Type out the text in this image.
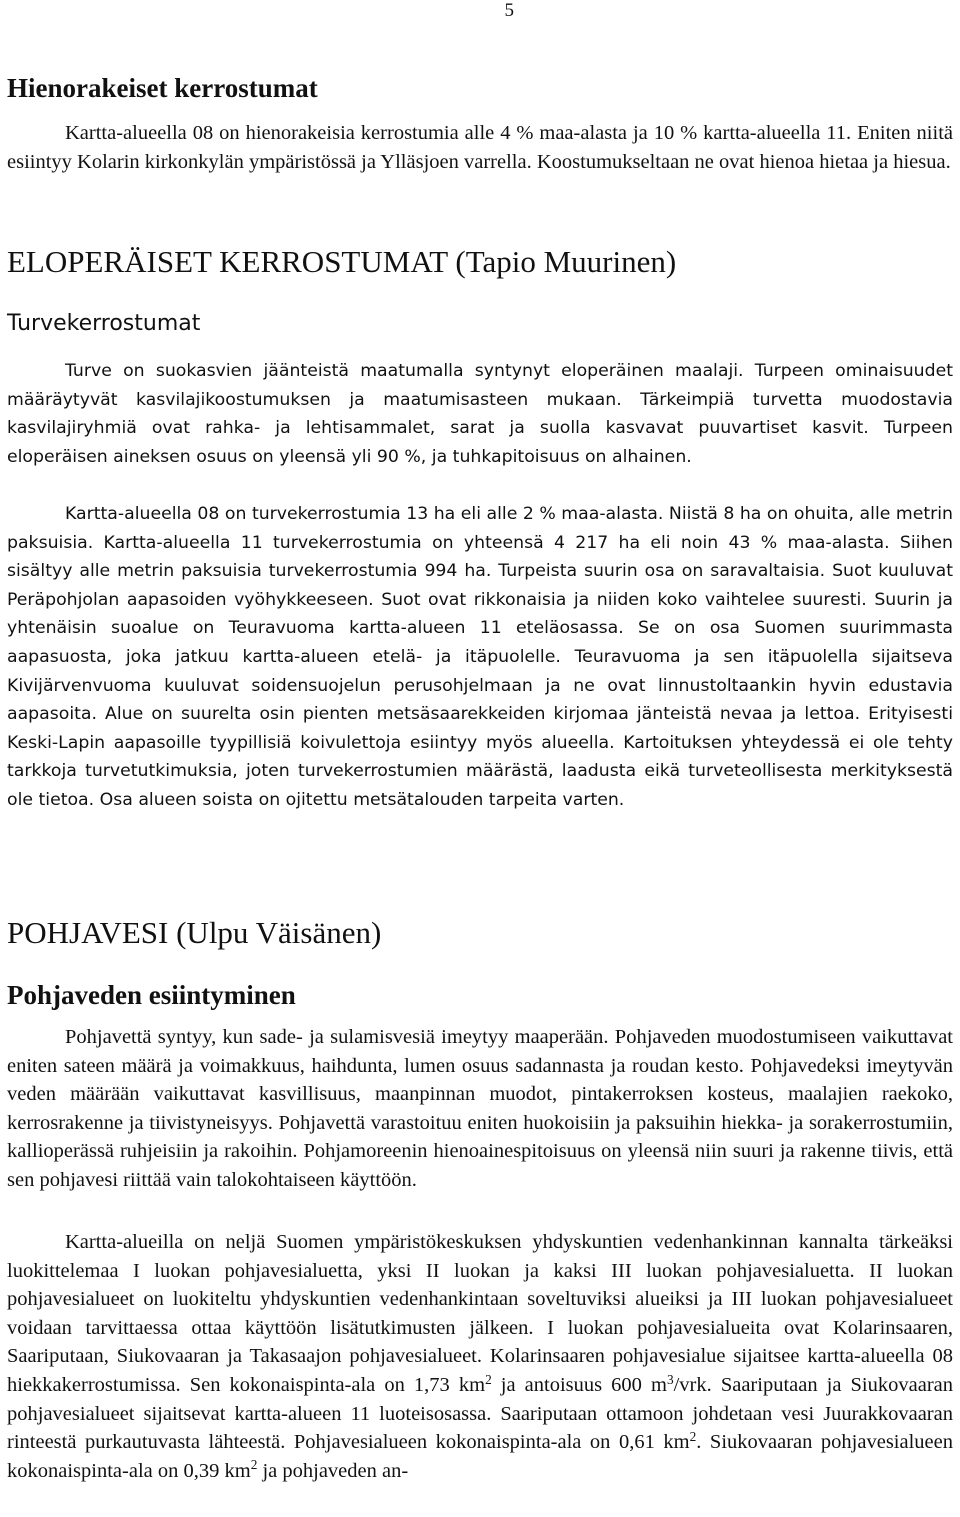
5
Hienorakeiset kerrostumat

Kartta-alueella 08 on hienorakeisia kerrostumia alle 4 % maa-alasta ja 10 % kartta-alueella 11. Eniten niitä esiintyy Kolarin kirkonkylän ympäristössä ja Ylläsjoen varrella. Koostumukseltaan ne ovat hienoa hietaa ja hiesua.

ELOPERÄISET KERROSTUMAT (Tapio Muurinen)
Turvekerrostumat

Turve on suokasvien jäänteistä maatumalla syntynyt eloperäinen maalaji. Turpeen ominaisuudet määräytyvät kasvilajikoostumuksen ja maatumisasteen mukaan. Tärkeimpiä turvetta muodostavia kasvilajiryhmiä ovat rahka- ja lehtisammalet, sarat ja suolla kasvavat puuvartiset kasvit. Turpeen eloperäisen aineksen osuus on yleensä yli 90 %, ja tuhkapitoisuus on alhainen.

Kartta-alueella 08 on turvekerrostumia 13 ha eli alle 2 % maa-alasta. Niistä 8 ha on ohuita, alle metrin paksuisia. Kartta-alueella 11 turvekerrostumia on yhteensä 4 217 ha eli noin 43 % maa-alasta. Siihen sisältyy alle metrin paksuisia turvekerrostumia 994 ha. Turpeista suurin osa on saravaltaisia. Suot kuuluvat Peräpohjolan aapasoiden vyöhykkeeseen. Suot ovat rikkonaisia ja niiden koko vaihtelee suuresti. Suurin ja yhtenäisin suoalue on Teuravuoma kartta-alueen 11 eteläosassa. Se on osa Suomen suurimmasta aapasuosta, joka jatkuu kartta-alueen etelä- ja itäpuolelle. Teuravuoma ja sen itäpuolella sijaitseva Kivijärvenvuoma kuuluvat soidensuojelun perusohjelmaan ja ne ovat linnustoltaankin hyvin edustavia aapasoita. Alue on suurelta osin pienten metsäsaarekkeiden kirjomaa jänteistä nevaa ja lettoa. Erityisesti Keski-Lapin aapasoille tyypillisiä koivulettoja esiintyy myös alueella. Kartoituksen yhteydessä ei ole tehty tarkkoja turvetutkimuksia, joten turvekerrostumien määrästä, laadusta eikä turveteollisesta merkityksestä ole tietoa. Osa alueen soista on ojitettu metsätalouden tarpeita varten.

POHJAVESI (Ulpu Väisänen)
Pohjaveden esiintyminen

Pohjavettä syntyy, kun sade- ja sulamisvesiä imeytyy maaperään. Pohjaveden muodostumiseen vaikuttavat eniten sateen määrä ja voimakkuus, haihdunta, lumen osuus sadannasta ja roudan kesto. Pohjavedeksi imeytyvän veden määrään vaikuttavat kasvillisuus, maanpinnan muodot, pintakerroksen kosteus, maalajien raekoko, kerrosrakenne ja tiivistyneisyys. Pohjavettä varastoituu eniten huokoisiin ja paksuihin hiekka- ja sorakerrostumiin, kallioperässä ruhjeisiin ja rakoihin. Pohjamoreenin hienoainespitoisuus on yleensä niin suuri ja rakenne tiivis, että sen pohjavesi riittää vain talokohtaiseen käyttöön.

Kartta-alueilla on neljä Suomen ympäristökeskuksen yhdyskuntien vedenhankinnan kannalta tärkeäksi luokittelemaa I luokan pohjavesialuetta, yksi II luokan ja kaksi III luokan pohjavesialuetta. II luokan pohjavesialueet on luokiteltu yhdyskuntien vedenhankintaan soveltuviksi alueiksi ja III luokan pohjavesialueet voidaan tarvittaessa ottaa käyttöön lisätutkimusten jälkeen. I luokan pohjavesialueita ovat Kolarinsaaren, Saariputaan, Siukovaaran ja Takasaajon pohjavesialueet. Kolarinsaaren pohjavesialue sijaitsee kartta-alueella 08 hiekkakerrostumissa. Sen kokonaispinta-ala on 1,73 $km^2$ ja antoisuus 600 $m^3$/vrk. Saariputaan ja Siukovaaran pohjavesialueet sijaitsevat kartta-alueen 11 luoteisosassa. Saariputaan ottamoon johdetaan vesi Juurakkovaaran rinteestä purkautuvasta lähteestä. Pohjavesialueen kokonaispinta-ala on 0,61 $km^2$. Siukovaaran pohjavesialueen kokonaispinta-ala on 0,39 $km^2$ ja pohjaveden an-
